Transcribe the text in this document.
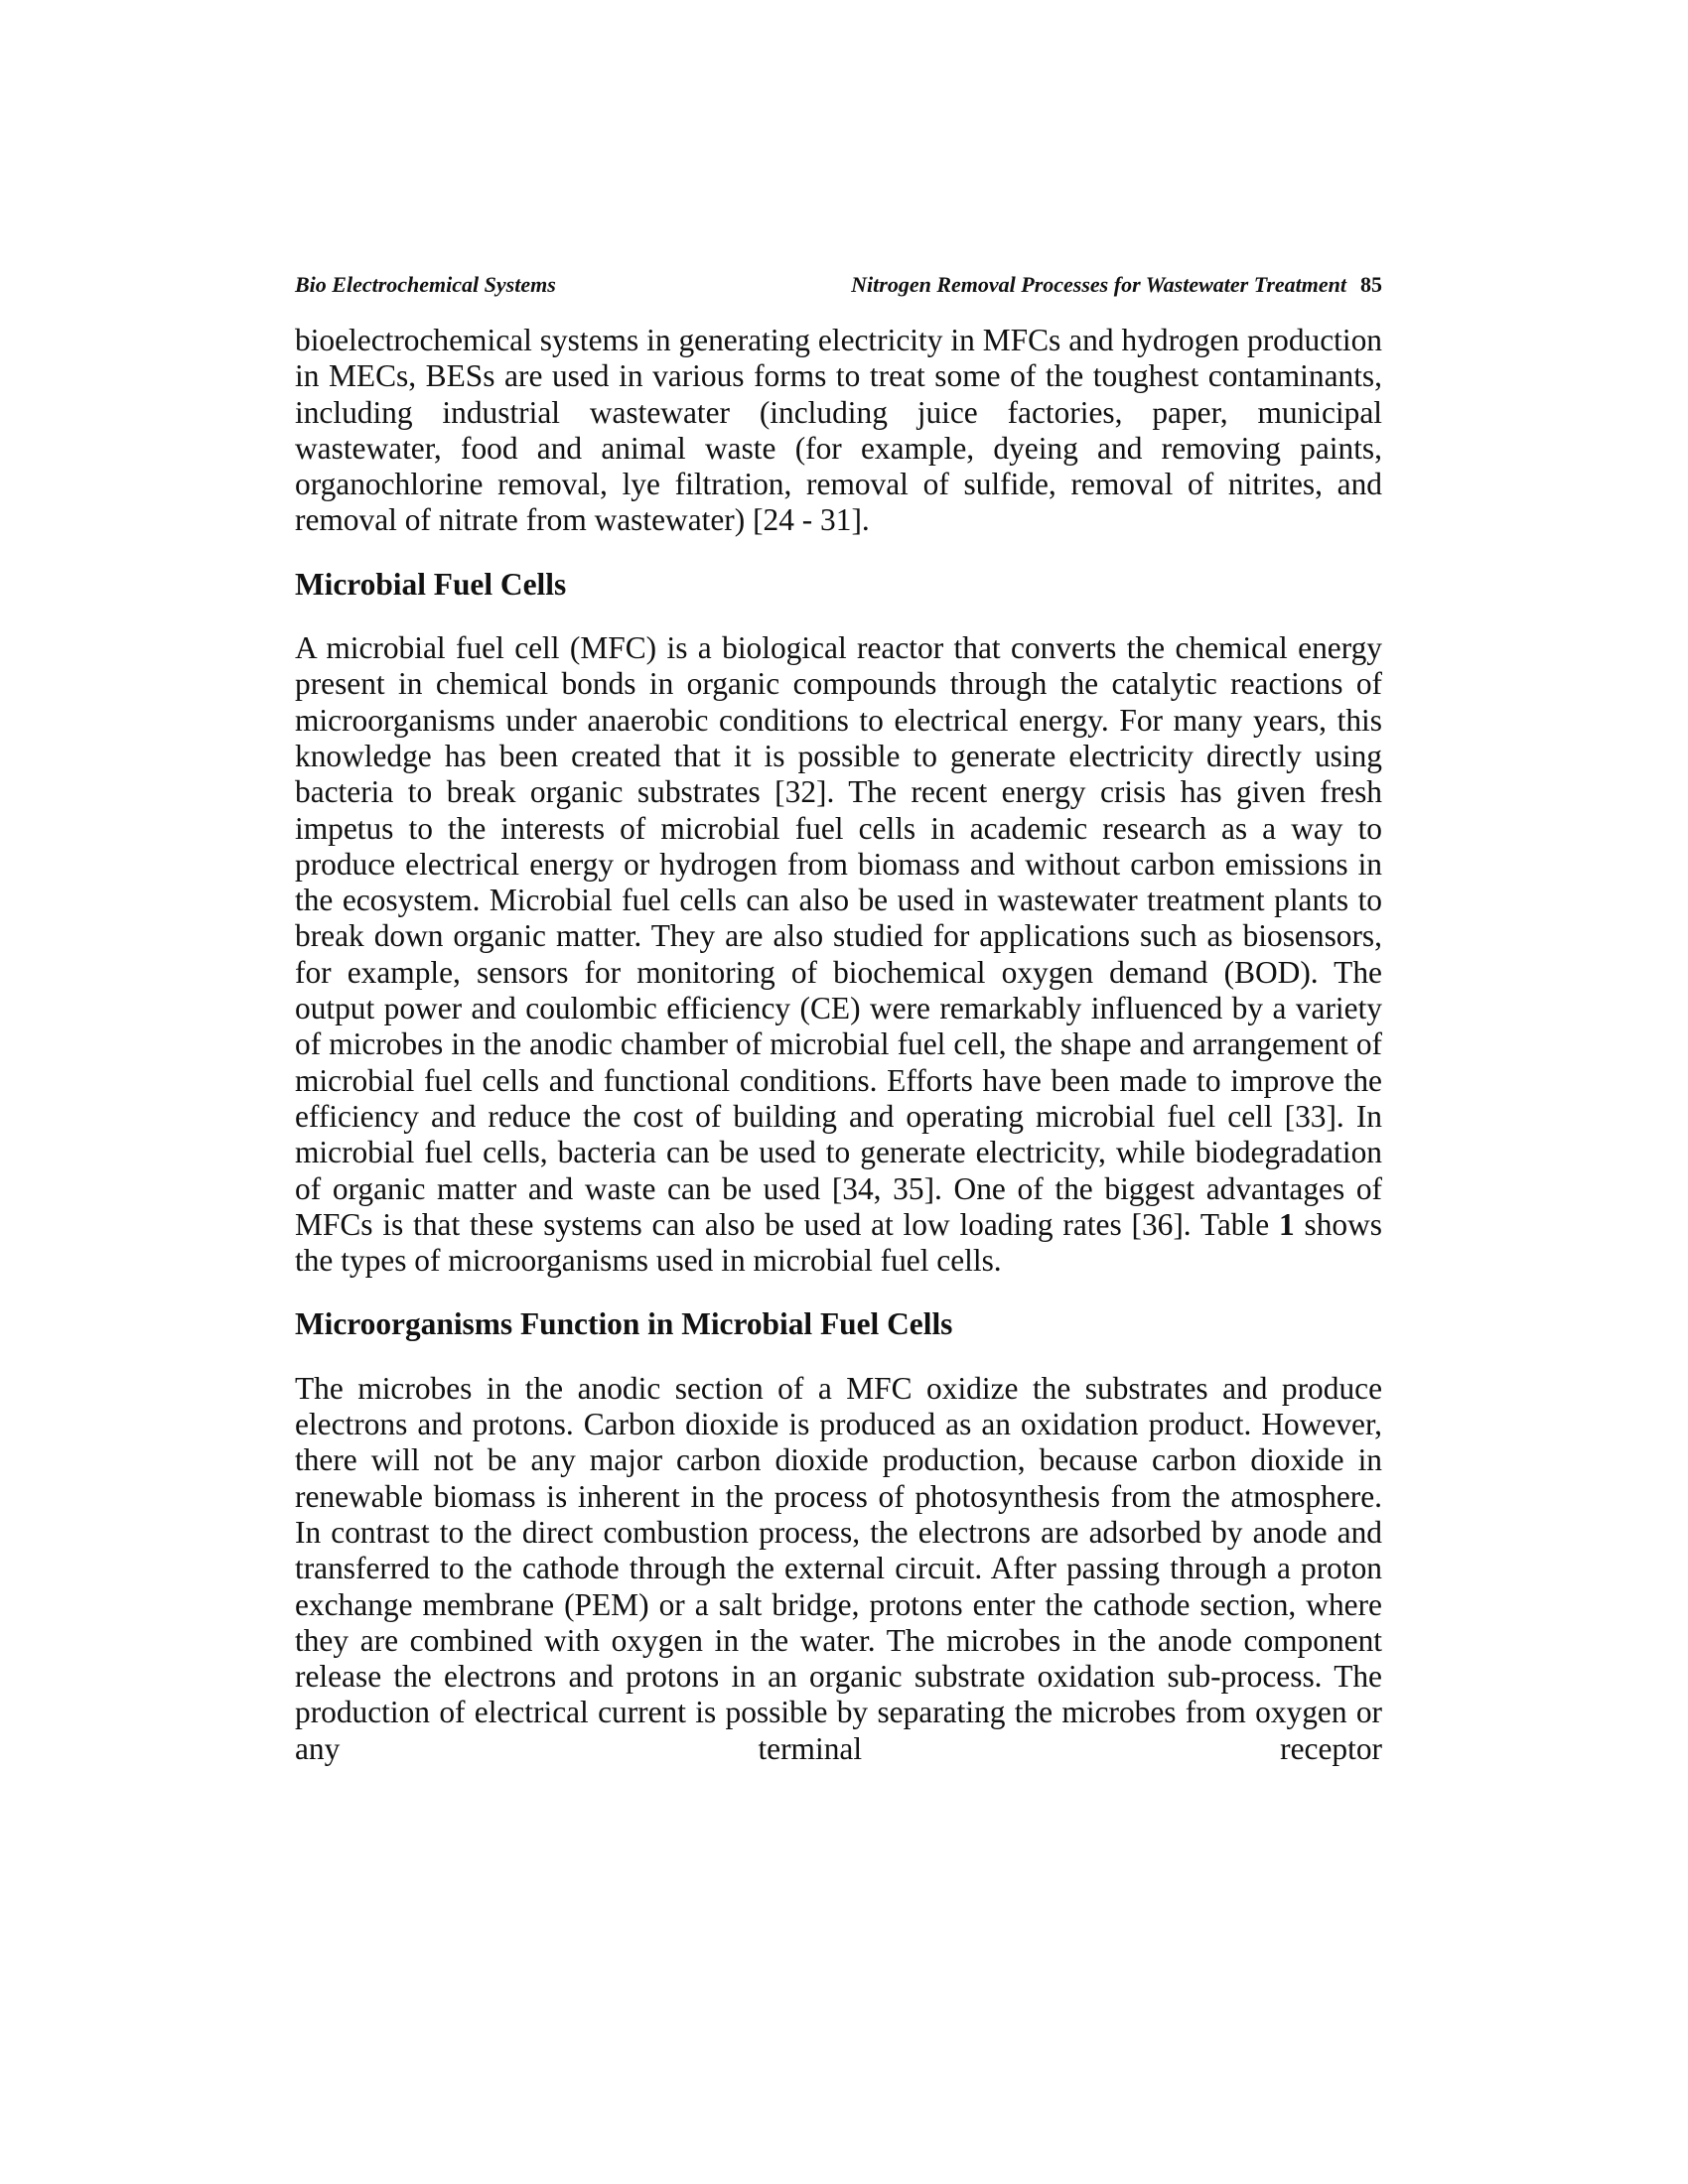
Bio Electrochemical Systems	Nitrogen Removal Processes for Wastewater Treatment 85

bioelectrochemical systems in generating electricity in MFCs and hydrogen production in MECs, BESs are used in various forms to treat some of the toughest contaminants, including industrial wastewater (including juice factories, paper, municipal wastewater, food and animal waste (for example, dyeing and removing paints, organochlorine removal, lye filtration, removal of sulfide, removal of nitrites, and removal of nitrate from wastewater) [24 - 31].

Microbial Fuel Cells

A microbial fuel cell (MFC) is a biological reactor that converts the chemical energy present in chemical bonds in organic compounds through the catalytic reactions of microorganisms under anaerobic conditions to electrical energy. For many years, this knowledge has been created that it is possible to generate electricity directly using bacteria to break organic substrates [32]. The recent energy crisis has given fresh impetus to the interests of microbial fuel cells in academic research as a way to produce electrical energy or hydrogen from biomass and without carbon emissions in the ecosystem. Microbial fuel cells can also be used in wastewater treatment plants to break down organic matter. They are also studied for applications such as biosensors, for example, sensors for monitoring of biochemical oxygen demand (BOD). The output power and coulombic efficiency (CE) were remarkably influenced by a variety of microbes in the anodic chamber of microbial fuel cell, the shape and arrangement of microbial fuel cells and functional conditions. Efforts have been made to improve the efficiency and reduce the cost of building and operating microbial fuel cell [33]. In microbial fuel cells, bacteria can be used to generate electricity, while biodegradation of organic matter and waste can be used [34, 35]. One of the biggest advantages of MFCs is that these systems can also be used at low loading rates [36]. Table 1 shows the types of microorganisms used in microbial fuel cells.

Microorganisms Function in Microbial Fuel Cells

The microbes in the anodic section of a MFC oxidize the substrates and produce electrons and protons. Carbon dioxide is produced as an oxidation product. However, there will not be any major carbon dioxide production, because carbon dioxide in renewable biomass is inherent in the process of photosynthesis from the atmosphere. In contrast to the direct combustion process, the electrons are adsorbed by anode and transferred to the cathode through the external circuit. After passing through a proton exchange membrane (PEM) or a salt bridge, protons enter the cathode section, where they are combined with oxygen in the water. The microbes in the anode component release the electrons and protons in an organic substrate oxidation sub-process. The production of electrical current is possible by separating the microbes from oxygen or any terminal receptor
